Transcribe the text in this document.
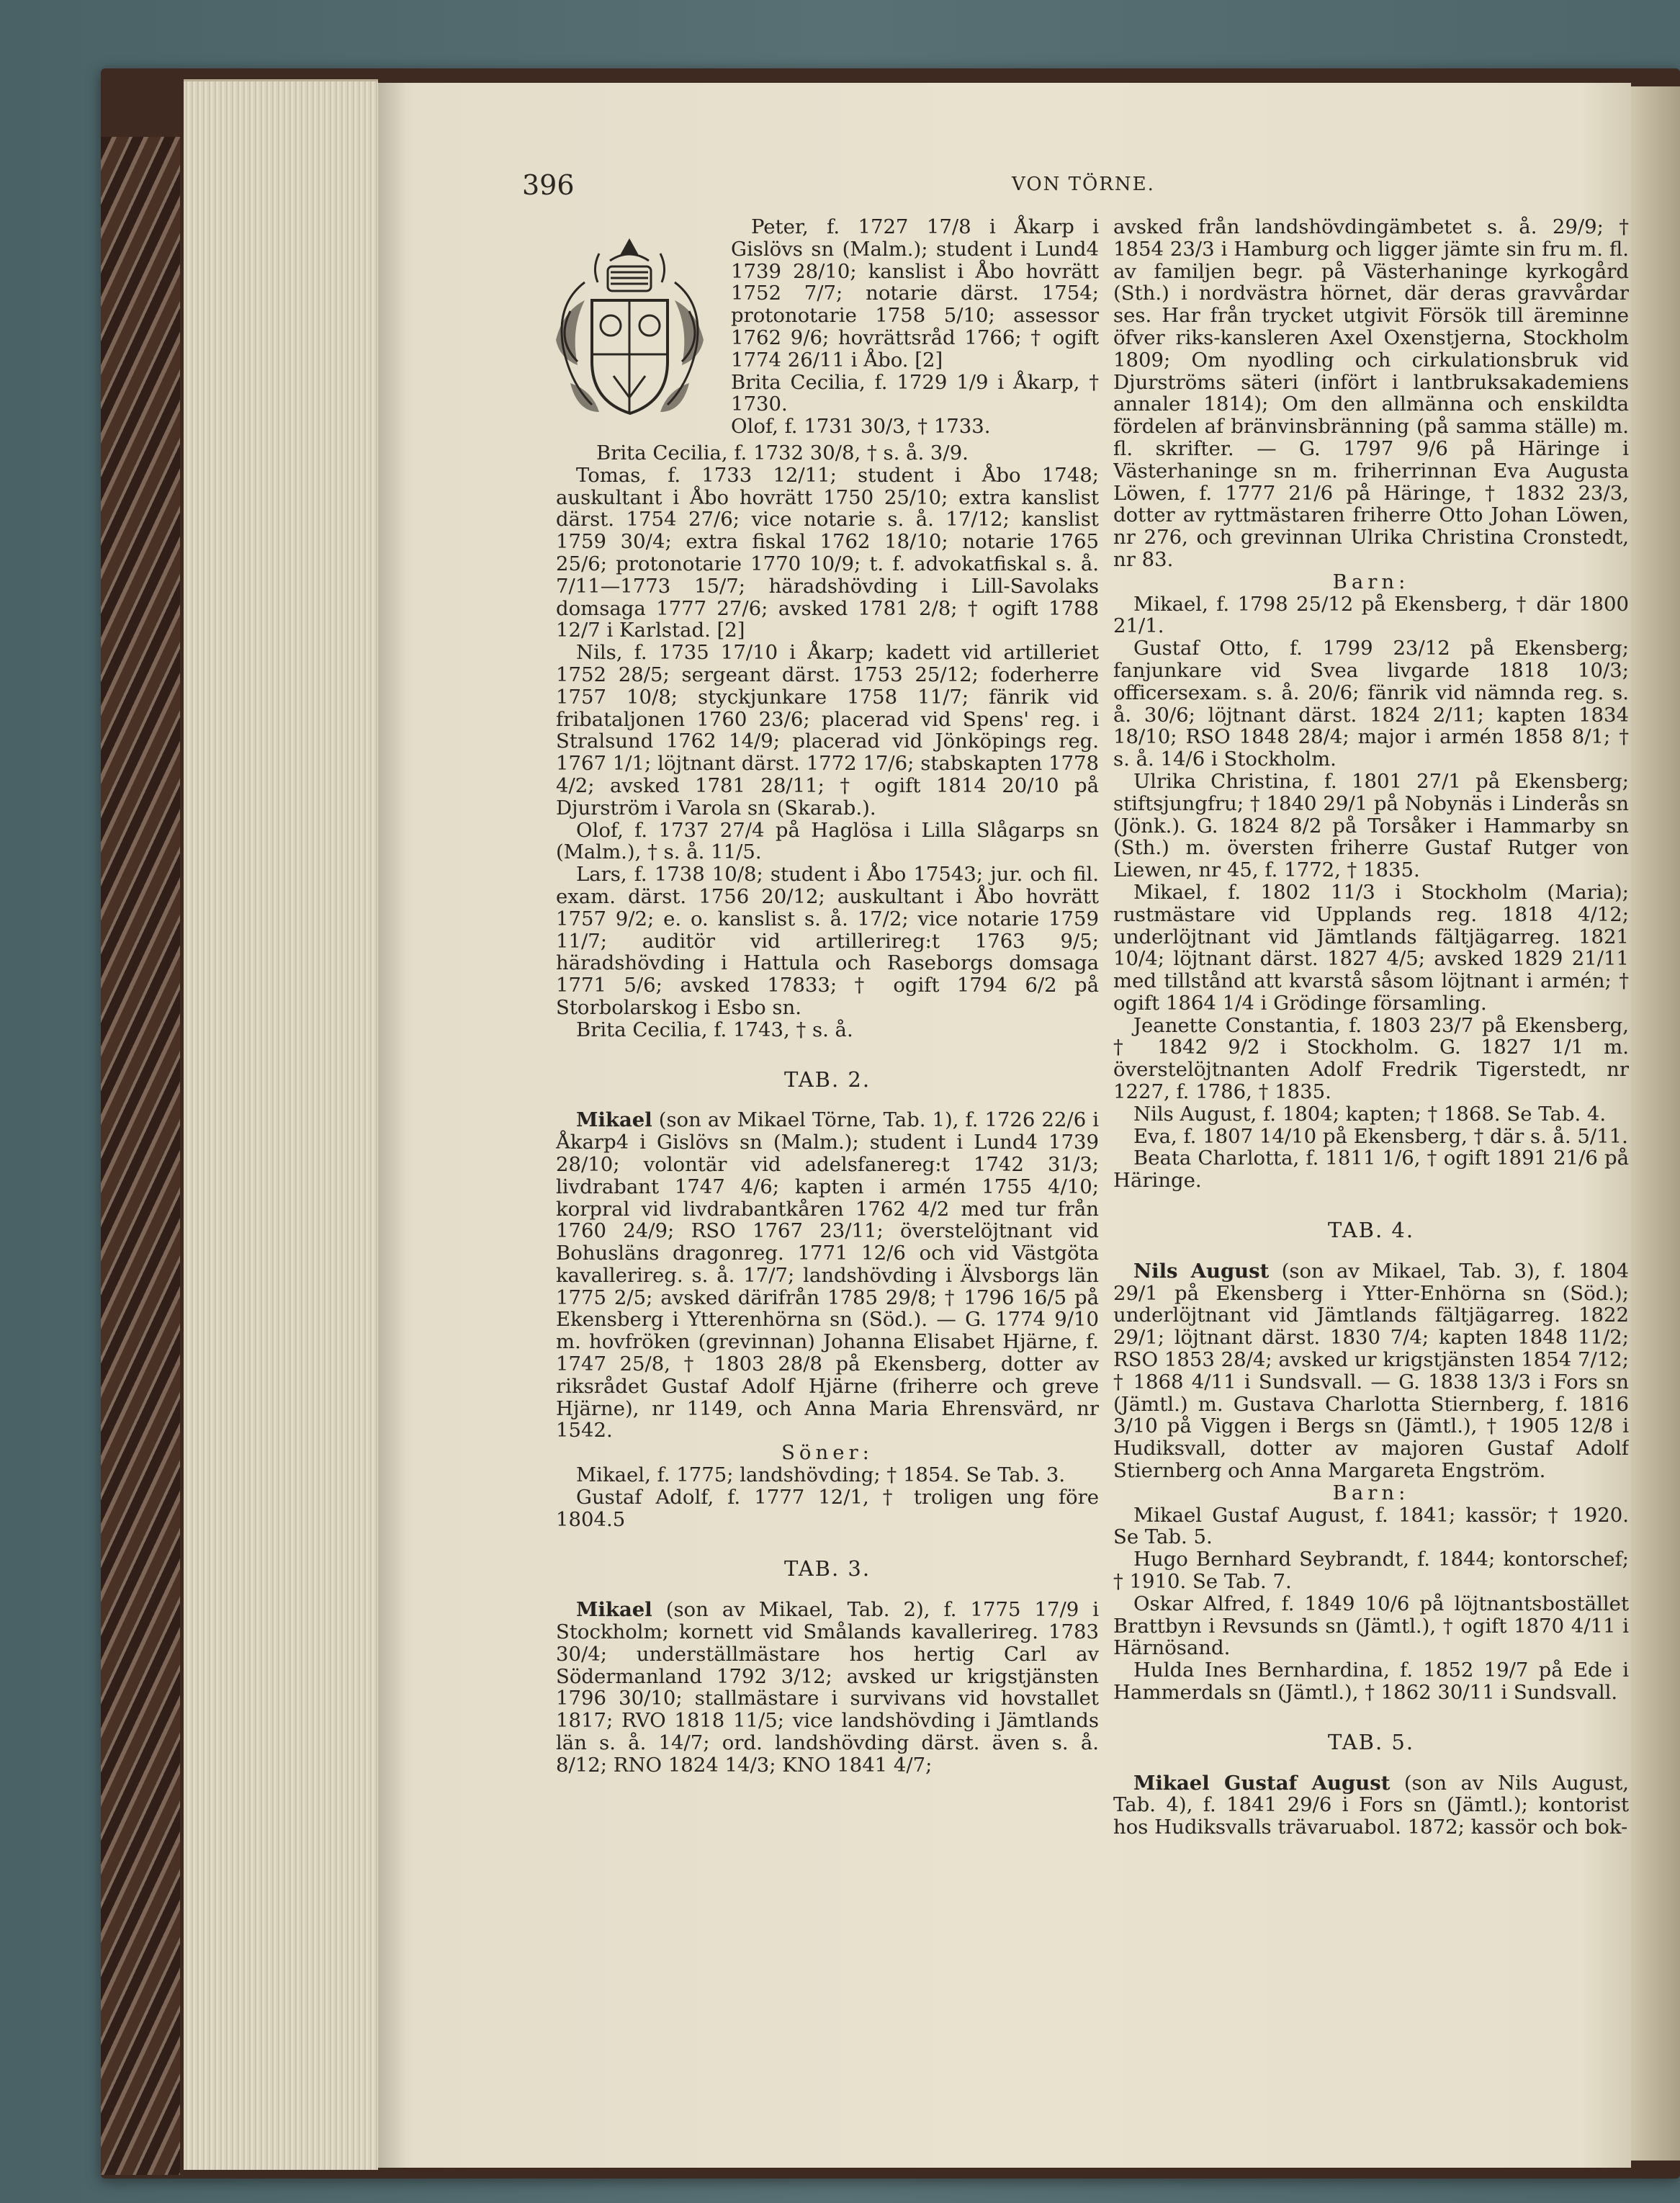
396	VON TÖRNE.

Peter, f. 1727 17/8 i Åkarp i Gislövs sn (Malm.); student i Lund4 1739 28/10; kanslist i Åbo hovrätt 1752 7/7; notarie därst. 1754; protonotarie 1758 5/10; assessor 1762 9/6; hovrättsråd 1766; † ogift 1774 26/11 i Åbo. [2]

Brita Cecilia, f. 1729 1/9 i Åkarp, † 1730.

Olof, f. 1731 30/3, † 1733.

Brita Cecilia, f. 1732 30/8, † s. å. 3/9.

Tomas, f. 1733 12/11; student i Åbo 1748; auskultant i Åbo hovrätt 1750 25/10; extra kanslist därst. 1754 27/6; vice notarie s. å. 17/12; kanslist 1759 30/4; extra fiskal 1762 18/10; notarie 1765 25/6; protonotarie 1770 10/9; t. f. advokatfiskal s. å. 7/11—1773 15/7; häradshövding i Lill-Savolaks domsaga 1777 27/6; avsked 1781 2/8; † ogift 1788 12/7 i Karlstad. [2]

Nils, f. 1735 17/10 i Åkarp; kadett vid artilleriet 1752 28/5; sergeant därst. 1753 25/12; foderherre 1757 10/8; styckjunkare 1758 11/7; fänrik vid fribataljonen 1760 23/6; placerad vid Spens' reg. i Stralsund 1762 14/9; placerad vid Jönköpings reg. 1767 1/1; löjtnant därst. 1772 17/6; stabskapten 1778 4/2; avsked 1781 28/11; † ogift 1814 20/10 på Djurström i Varola sn (Skarab.).

Olof, f. 1737 27/4 på Haglösa i Lilla Slågarps sn (Malm.), † s. å. 11/5.

Lars, f. 1738 10/8; student i Åbo 17543; jur. och fil. exam. därst. 1756 20/12; auskultant i Åbo hovrätt 1757 9/2; e. o. kanslist s. å. 17/2; vice notarie 1759 11/7; auditör vid artillerireg:t 1763 9/5; häradshövding i Hattula och Raseborgs domsaga 1771 5/6; avsked 17833; † ogift 1794 6/2 på Storbolarskog i Esbo sn.

Brita Cecilia, f. 1743, † s. å.

TAB. 2.

Mikael (son av Mikael Törne, Tab. 1), f. 1726 22/6 i Åkarp4 i Gislövs sn (Malm.); student i Lund4 1739 28/10; volontär vid adelsfanereg:t 1742 31/3; livdrabant 1747 4/6; kapten i armén 1755 4/10; korpral vid livdrabantkåren 1762 4/2 med tur från 1760 24/9; RSO 1767 23/11; överstelöjtnant vid Bohusläns dragonreg. 1771 12/6 och vid Västgöta kavallerireg. s. å. 17/7; landshövding i Älvsborgs län 1775 2/5; avsked därifrån 1785 29/8; † 1796 16/5 på Ekensberg i Ytterenhörna sn (Söd.). — G. 1774 9/10 m. hovfröken (grevinnan) Johanna Elisabet Hjärne, f. 1747 25/8, † 1803 28/8 på Ekensberg, dotter av riksrådet Gustaf Adolf Hjärne (friherre och greve Hjärne), nr 1149, och Anna Maria Ehrensvärd, nr 1542.

Söner:

Mikael, f. 1775; landshövding; † 1854. Se Tab. 3.

Gustaf Adolf, f. 1777 12/1, † troligen ung före 1804.5

TAB. 3.

Mikael (son av Mikael, Tab. 2), f. 1775 17/9 i Stockholm; kornett vid Smålands kavallerireg. 1783 30/4; underställmästare hos hertig Carl av Södermanland 1792 3/12; avsked ur krigstjänsten 1796 30/10; stallmästare i survivans vid hovstallet 1817; RVO 1818 11/5; vice landshövding i Jämtlands län s. å. 14/7; ord. landshövding därst. även s. å. 8/12; RNO 1824 14/3; KNO 1841 4/7;

avsked från landshövdingämbetet s. å. 29/9; † 1854 23/3 i Hamburg och ligger jämte sin fru m. fl. av familjen begr. på Västerhaninge kyrkogård (Sth.) i nordvästra hörnet, där deras gravvårdar ses. Har från trycket utgivit Försök till äreminne öfver riks-kansleren Axel Oxenstjerna, Stockholm 1809; Om nyodling och cirkulationsbruk vid Djurströms säteri (infört i lantbruksakademiens annaler 1814); Om den allmänna och enskildta fördelen af bränvinsbränning (på samma ställe) m. fl. skrifter. — G. 1797 9/6 på Häringe i Västerhaninge sn m. friherrinnan Eva Augusta Löwen, f. 1777 21/6 på Häringe, † 1832 23/3, dotter av ryttmästaren friherre Otto Johan Löwen, nr 276, och grevinnan Ulrika Christina Cronstedt, nr 83.

Barn:

Mikael, f. 1798 25/12 på Ekensberg, † där 1800 21/1.

Gustaf Otto, f. 1799 23/12 på Ekensberg; fanjunkare vid Svea livgarde 1818 10/3; officersexam. s. å. 20/6; fänrik vid nämnda reg. s. å. 30/6; löjtnant därst. 1824 2/11; kapten 1834 18/10; RSO 1848 28/4; major i armén 1858 8/1; † s. å. 14/6 i Stockholm.

Ulrika Christina, f. 1801 27/1 på Ekensberg; stiftsjungfru; † 1840 29/1 på Nobynäs i Linderås sn (Jönk.). G. 1824 8/2 på Torsåker i Hammarby sn (Sth.) m. översten friherre Gustaf Rutger von Liewen, nr 45, f. 1772, † 1835.

Mikael, f. 1802 11/3 i Stockholm (Maria); rustmästare vid Upplands reg. 1818 4/12; underlöjtnant vid Jämtlands fältjägarreg. 1821 10/4; löjtnant därst. 1827 4/5; avsked 1829 21/11 med tillstånd att kvarstå såsom löjtnant i armén; † ogift 1864 1/4 i Grödinge församling.

Jeanette Constantia, f. 1803 23/7 på Ekensberg, † 1842 9/2 i Stockholm. G. 1827 1/1 m. överstelöjtnanten Adolf Fredrik Tigerstedt, nr 1227, f. 1786, † 1835.

Nils August, f. 1804; kapten; † 1868. Se Tab. 4.

Eva, f. 1807 14/10 på Ekensberg, † där s. å. 5/11.

Beata Charlotta, f. 1811 1/6, † ogift 1891 21/6 på Häringe.

TAB. 4.

Nils August (son av Mikael, Tab. 3), f. 1804 29/1 på Ekensberg i Ytter-Enhörna sn (Söd.); underlöjtnant vid Jämtlands fältjägarreg. 1822 29/1; löjtnant därst. 1830 7/4; kapten 1848 11/2; RSO 1853 28/4; avsked ur krigstjänsten 1854 7/12; † 1868 4/11 i Sundsvall. — G. 1838 13/3 i Fors sn (Jämtl.) m. Gustava Charlotta Stiernberg, f. 1816 3/10 på Viggen i Bergs sn (Jämtl.), † 1905 12/8 i Hudiksvall, dotter av majoren Gustaf Adolf Stiernberg och Anna Margareta Engström.

Barn:

Mikael Gustaf August, f. 1841; kassör; † 1920. Se Tab. 5.

Hugo Bernhard Seybrandt, f. 1844; kontorschef; † 1910. Se Tab. 7.

Oskar Alfred, f. 1849 10/6 på löjtnantsbostället Brattbyn i Revsunds sn (Jämtl.), † ogift 1870 4/11 i Härnösand.

Hulda Ines Bernhardina, f. 1852 19/7 på Ede i Hammerdals sn (Jämtl.), † 1862 30/11 i Sundsvall.

TAB. 5.

Mikael Gustaf August (son av Nils August, Tab. 4), f. 1841 29/6 i Fors sn (Jämtl.); kontorist hos Hudiksvalls trävaruabol. 1872; kassör och bok-
